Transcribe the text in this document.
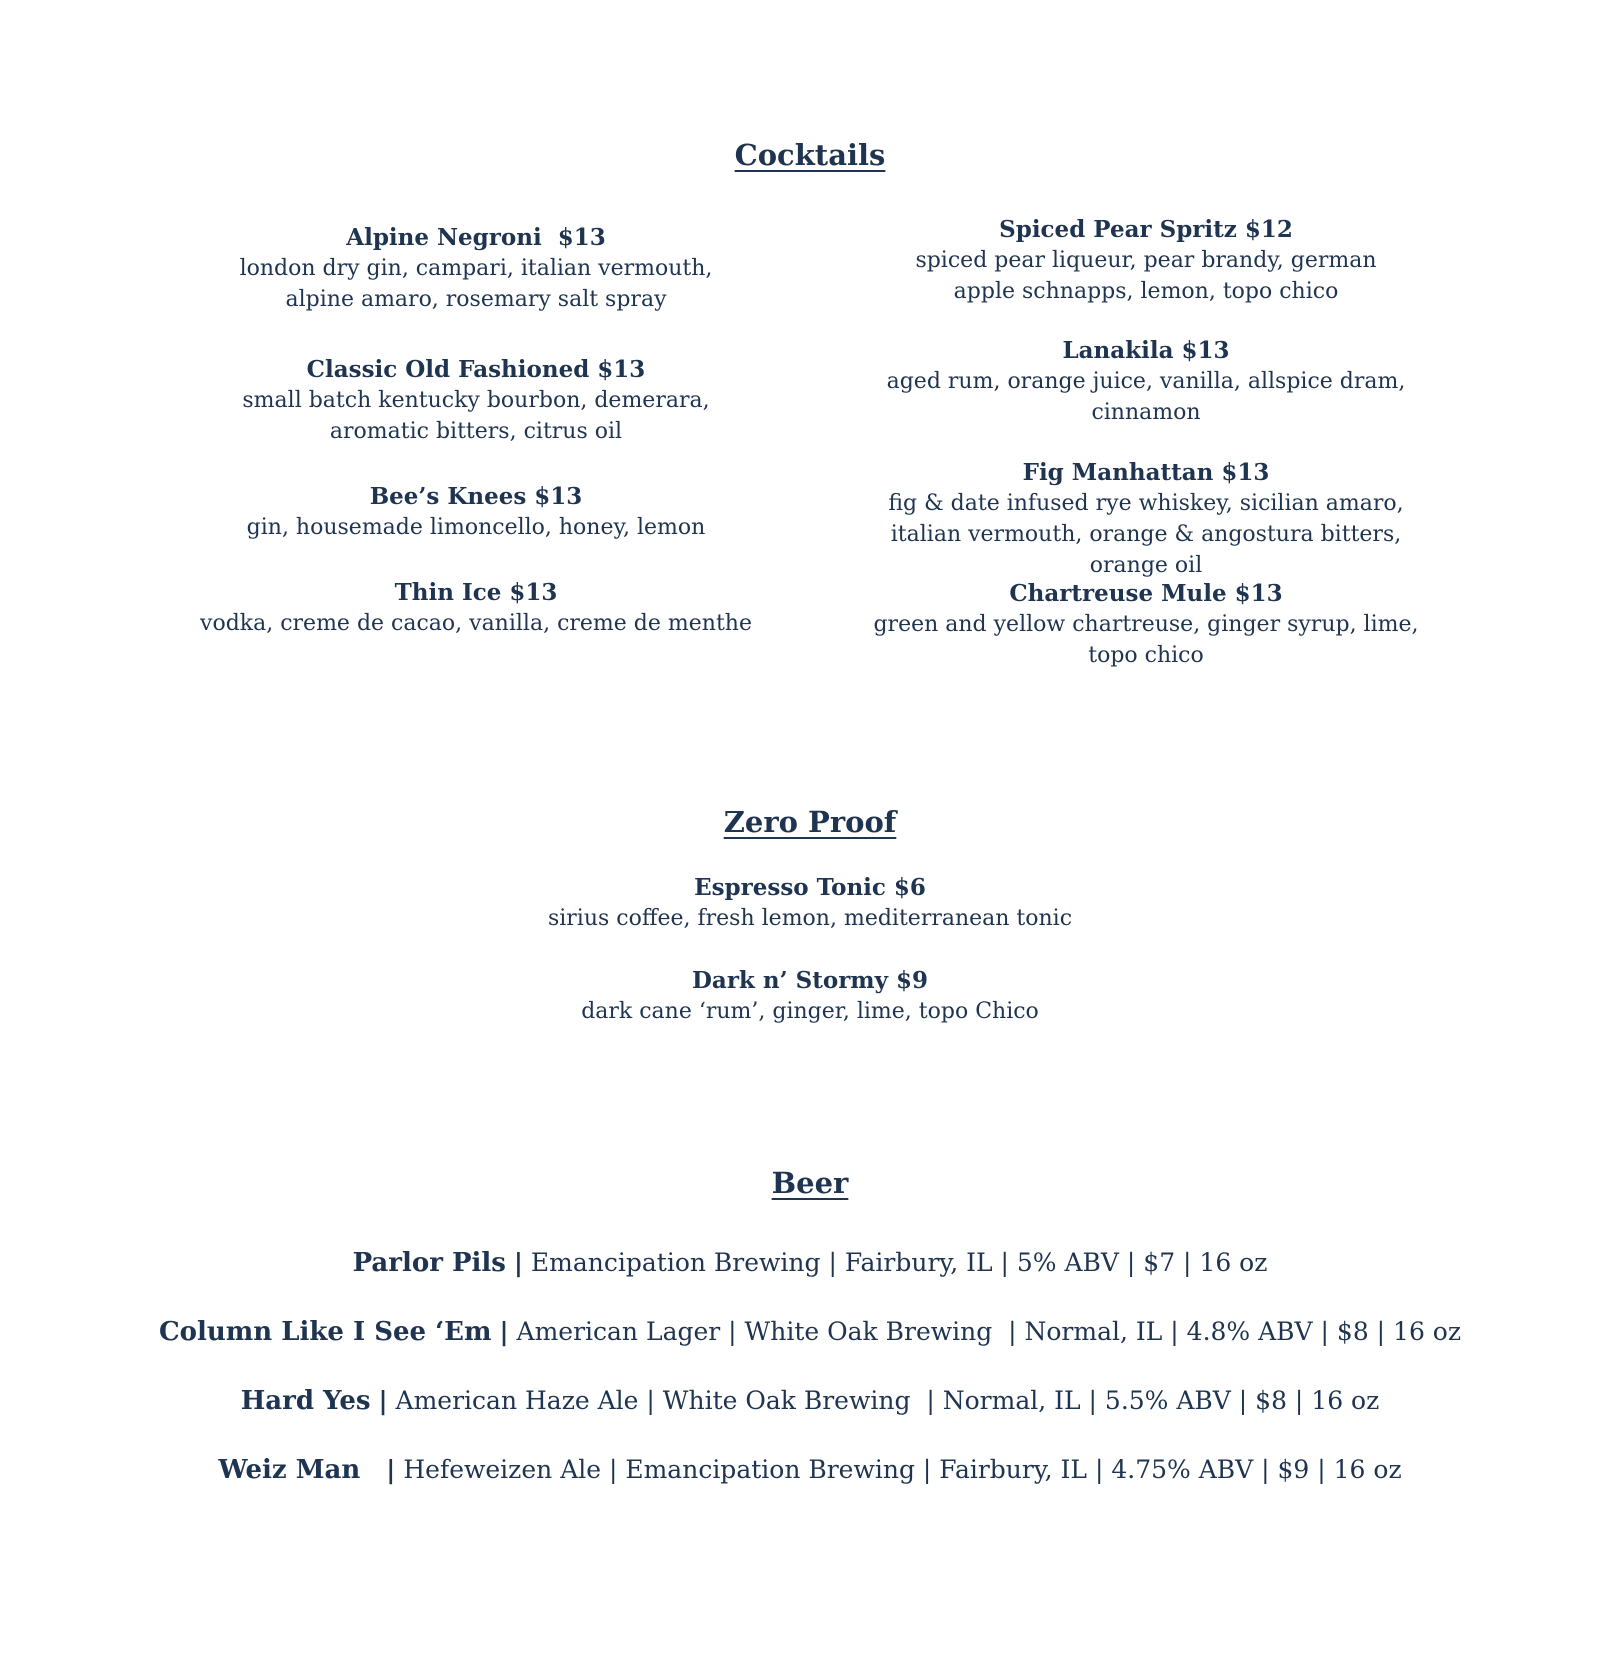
Cocktails
Alpine Negroni  $13
london dry gin, campari, italian vermouth, alpine amaro, rosemary salt spray
Classic Old Fashioned $13
small batch kentucky bourbon, demerara, aromatic bitters, citrus oil
Bee’s Knees $13
gin, housemade limoncello, honey, lemon
Thin Ice $13
vodka, creme de cacao, vanilla, creme de menthe
Spiced Pear Spritz $12
spiced pear liqueur, pear brandy, german apple schnapps, lemon, topo chico
Lanakila $13
aged rum, orange juice, vanilla, allspice dram, cinnamon
Fig Manhattan $13
fig & date infused rye whiskey, sicilian amaro, italian vermouth, orange & angostura bitters, orange oil
Chartreuse Mule $13
green and yellow chartreuse, ginger syrup, lime, topo chico
Zero Proof
Espresso Tonic $6
sirius coffee, fresh lemon, mediterranean tonic
Dark n’ Stormy $9
dark cane ‘rum’, ginger, lime, topo Chico
Beer
Parlor Pils | Emancipation Brewing | Fairbury, IL | 5% ABV | $7 | 16 oz
Column Like I See ‘Em | American Lager | White Oak Brewing  | Normal, IL | 4.8% ABV | $8 | 16 oz
Hard Yes | American Haze Ale | White Oak Brewing  | Normal, IL | 5.5% ABV | $8 | 16 oz
Weiz Man   | Hefeweizen Ale | Emancipation Brewing | Fairbury, IL | 4.75% ABV | $9 | 16 oz
